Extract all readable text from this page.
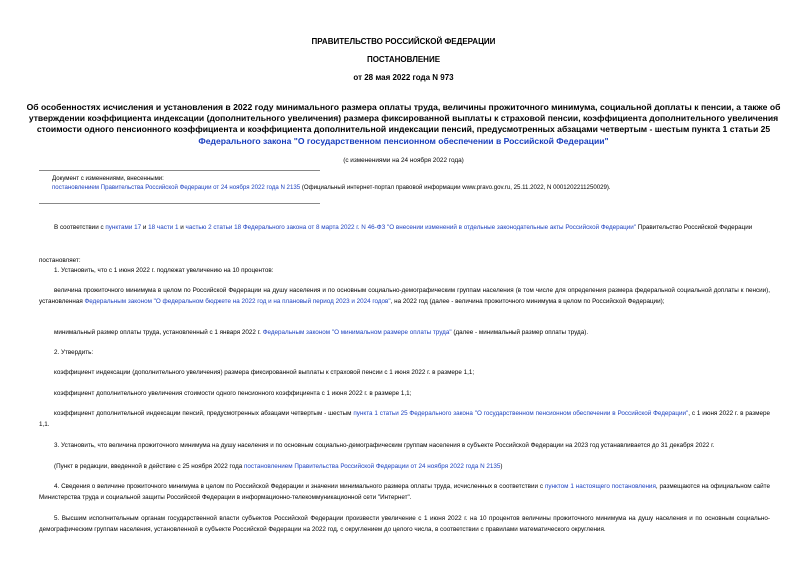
ПРАВИТЕЛЬСТВО РОССИЙСКОЙ ФЕДЕРАЦИИ
ПОСТАНОВЛЕНИЕ
от 28 мая 2022 года N 973
Об особенностях исчисления и установления в 2022 году минимального размера оплаты труда, величины прожиточного минимума, социальной доплаты к пенсии, а также об утверждении коэффициента индексации (дополнительного увеличения) размера фиксированной выплаты к страховой пенсии, коэффициента дополнительного увеличения стоимости одного пенсионного коэффициента и коэффициента дополнительной индексации пенсий, предусмотренных абзацами четвертым - шестым пункта 1 статьи 25 Федерального закона "О государственном пенсионном обеспечении в Российской Федерации"
(с изменениями на 24 ноября 2022 года)
Документ с изменениями, внесенными:
постановлением Правительства Российской Федерации от 24 ноября 2022 года N 2135 (Официальный интернет-портал правовой информации www.pravo.gov.ru, 25.11.2022, N 0001202211250029).
В соответствии с пунктами 17 и 18 части 1 и частью 2 статьи 18 Федерального закона от 8 марта 2022 г. N 46-ФЗ "О внесении изменений в отдельные законодательные акты Российской Федерации" Правительство Российской Федерации
постановляет:
1. Установить, что с 1 июня 2022 г. подлежат увеличению на 10 процентов:
величина прожиточного минимума в целом по Российской Федерации на душу населения и по основным социально-демографическим группам населения (в том числе для определения размера федеральной социальной доплаты к пенсии), установленная Федеральным законом "О федеральном бюджете на 2022 год и на плановый период 2023 и 2024 годов", на 2022 год (далее - величина прожиточного минимума в целом по Российской Федерации);
минимальный размер оплаты труда, установленный с 1 января 2022 г. Федеральным законом "О минимальном размере оплаты труда" (далее - минимальный размер оплаты труда).
2. Утвердить:
коэффициент индексации (дополнительного увеличения) размера фиксированной выплаты к страховой пенсии с 1 июня 2022 г. в размере 1,1;
коэффициент дополнительного увеличения стоимости одного пенсионного коэффициента с 1 июня 2022 г. в размере 1,1;
коэффициент дополнительной индексации пенсий, предусмотренных абзацами четвертым - шестым пункта 1 статьи 25 Федерального закона "О государственном пенсионном обеспечении в Российской Федерации", с 1 июня 2022 г. в размере 1,1.
3. Установить, что величина прожиточного минимума на душу населения и по основным социально-демографическим группам населения в субъекте Российской Федерации на 2023 год устанавливается до 31 декабря 2022 г.
(Пункт в редакции, введенной в действие с 25 ноября 2022 года постановлением Правительства Российской Федерации от 24 ноября 2022 года N 2135)
4. Сведения о величине прожиточного минимума в целом по Российской Федерации и значении минимального размера оплаты труда, исчисленных в соответствии с пунктом 1 настоящего постановления, размещаются на официальном сайте Министерства труда и социальной защиты Российской Федерации в информационно-телекоммуникационной сети "Интернет".
5. Высшим исполнительным органам государственной власти субъектов Российской Федерации произвести увеличение с 1 июня 2022 г. на 10 процентов величины прожиточного минимума на душу населения и по основным социально-демографическим группам населения, установленной в субъекте Российской Федерации на 2022 год, с округлением до целого числа, в соответствии с правилами математического округления.
